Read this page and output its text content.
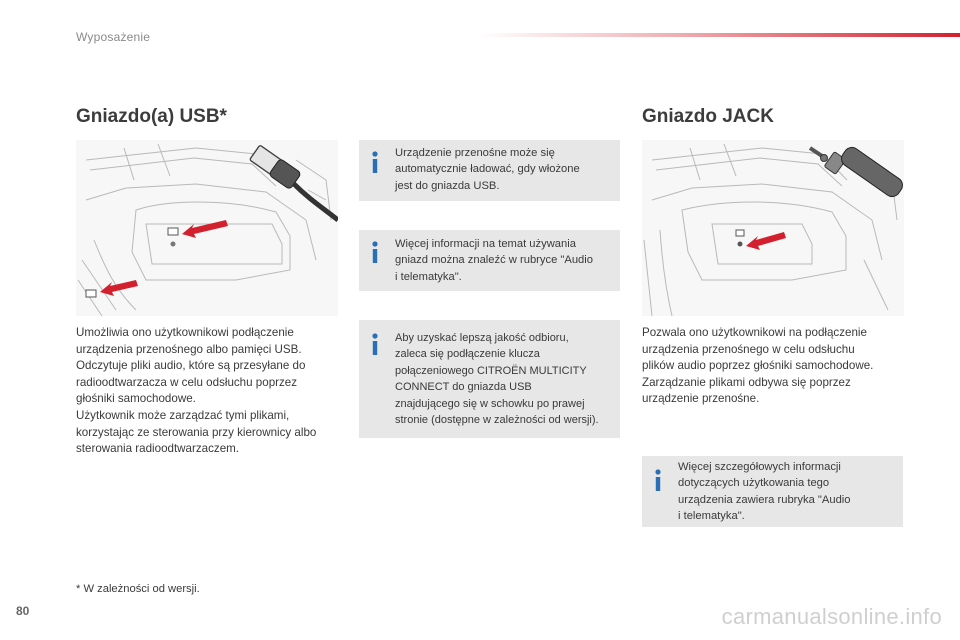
Wyposażenie
Gniazdo(a) USB*

Umożliwia ono użytkownikowi podłączenie

urządzenia przenośnego albo pamięci USB.

Odczytuje pliki audio, które są przesyłane do

radioodtwarzacza w celu odsłuchu poprzez

głośniki samochodowe.

Użytkownik może zarządzać tymi plikami,

korzystając ze sterowania przy kierownicy albo

sterowania radioodtwarzaczem.

Urządzenie przenośne może się
automatycznie ładować, gdy włożone
jest do gniazda USB.
Więcej informacji na temat używania
gniazd można znaleźć w rubryce "Audio
i telematyka".
Aby uzyskać lepszą jakość odbioru,
zaleca się podłączenie klucza
połączeniowego CITROËN MULTICITY
CONNECT do gniazda USB
znajdującego się w schowku po prawej
stronie (dostępne w zależności od wersji).
Gniazdo JACK

Pozwala ono użytkownikowi na podłączenie

urządzenia przenośnego w celu odsłuchu

plików audio poprzez głośniki samochodowe.

Zarządzanie plikami odbywa się poprzez

urządzenie przenośne.

Więcej szczegółowych informacji
dotyczących użytkowania tego
urządzenia zawiera rubryka "Audio
i telematyka".
* W zależności od wersji.
80	carmanualsonline.info
